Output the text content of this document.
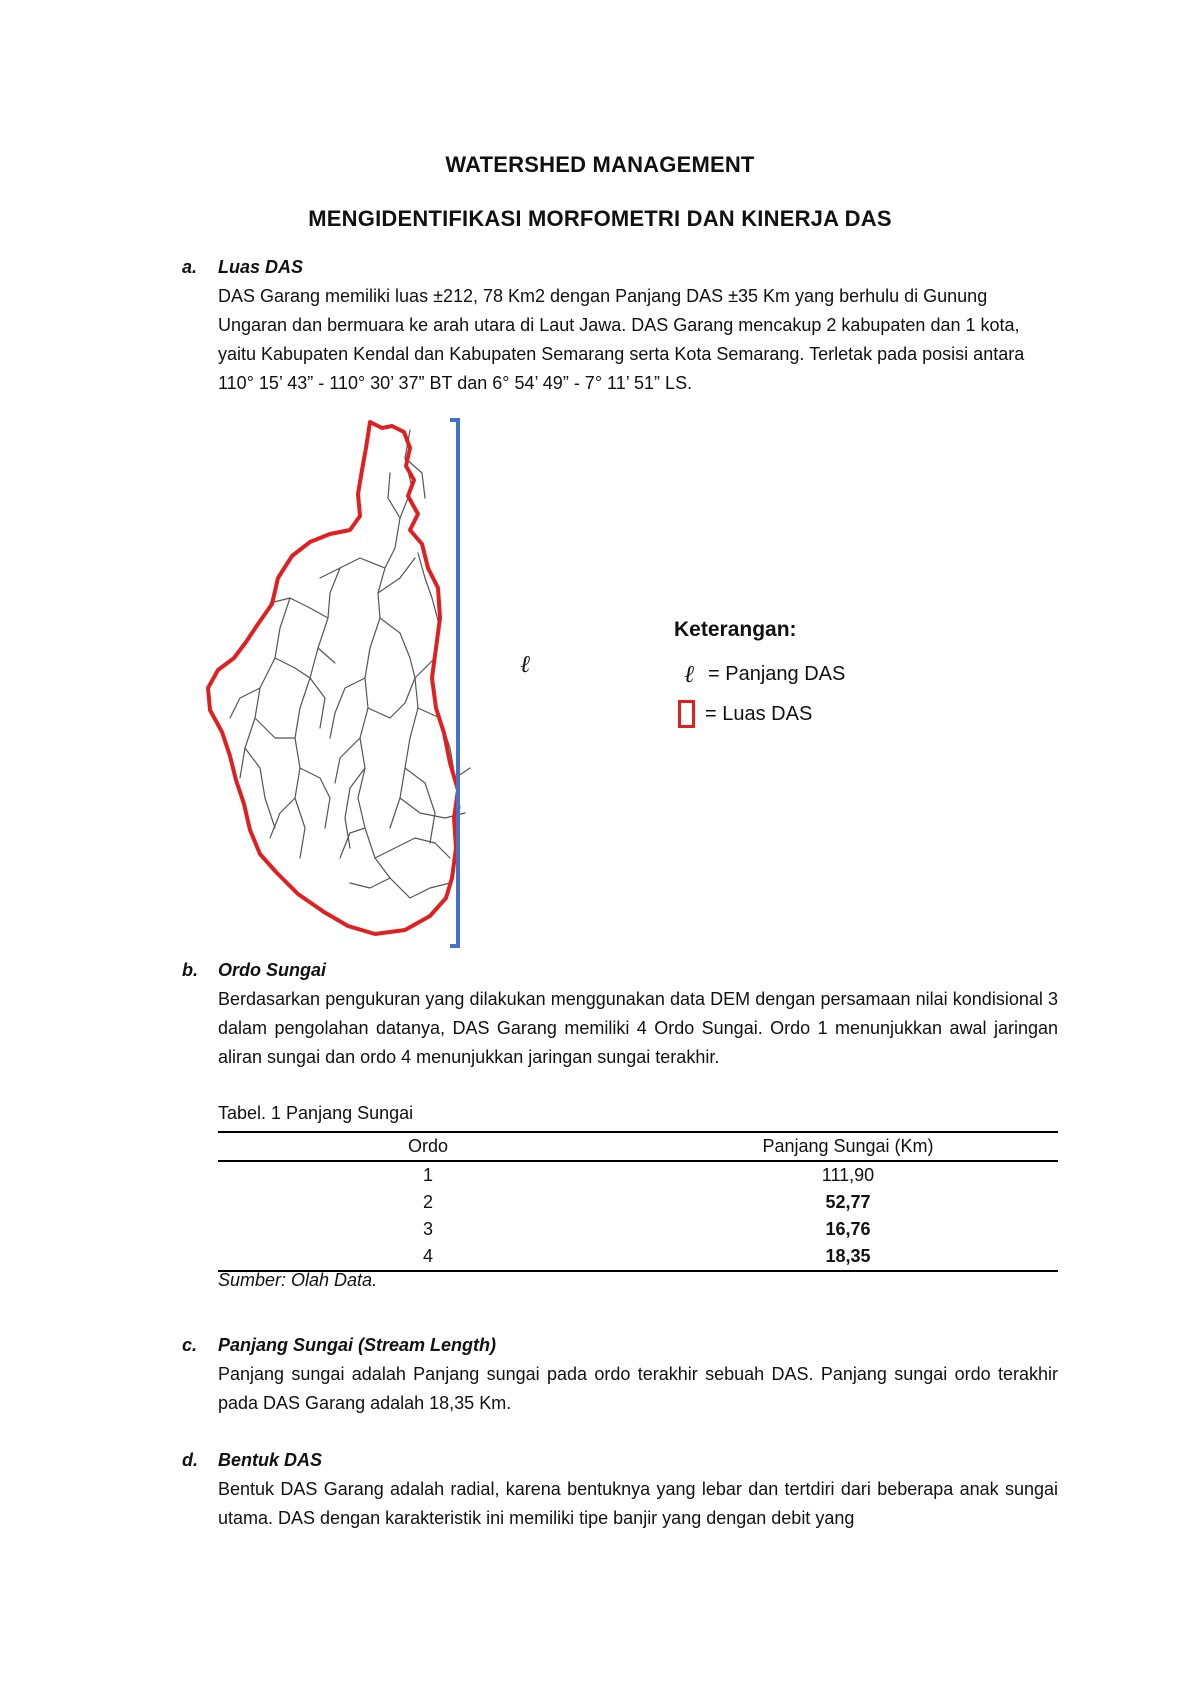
WATERSHED MANAGEMENT
MENGIDENTIFIKASI MORFOMETRI DAN KINERJA DAS
a. Luas DAS

DAS Garang memiliki luas ±212, 78 Km2 dengan Panjang DAS ±35 Km yang berhulu di Gunung Ungaran dan bermuara ke arah utara di Laut Jawa. DAS Garang mencakup 2 kabupaten dan 1 kota, yaitu Kabupaten Kendal dan Kabupaten Semarang serta Kota Semarang. Terletak pada posisi antara 110° 15’ 43” - 110° 30’ 37” BT dan 6° 54’ 49” - 7° 11’ 51” LS.

ℓ
Keterangan:
ℓ = Panjang DAS
= Luas DAS
b. Ordo Sungai

Berdasarkan pengukuran yang dilakukan menggunakan data DEM dengan persamaan nilai kondisional 3 dalam pengolahan datanya, DAS Garang memiliki 4 Ordo Sungai. Ordo 1 menunjukkan awal jaringan aliran sungai dan ordo 4 menunjukkan jaringan sungai terakhir.

Tabel. 1 Panjang Sungai
Ordo	Panjang Sungai (Km)
1	111,90
2	52,77
3	16,76
4	18,35
Sumber: Olah Data.
c. Panjang Sungai (Stream Length)

Panjang sungai adalah Panjang sungai pada ordo terakhir sebuah DAS. Panjang sungai ordo terakhir pada DAS Garang adalah 18,35 Km.

d. Bentuk DAS

Bentuk DAS Garang adalah radial, karena bentuknya yang lebar dan tertdiri dari beberapa anak sungai utama. DAS dengan karakteristik ini memiliki tipe banjir yang dengan debit yang
